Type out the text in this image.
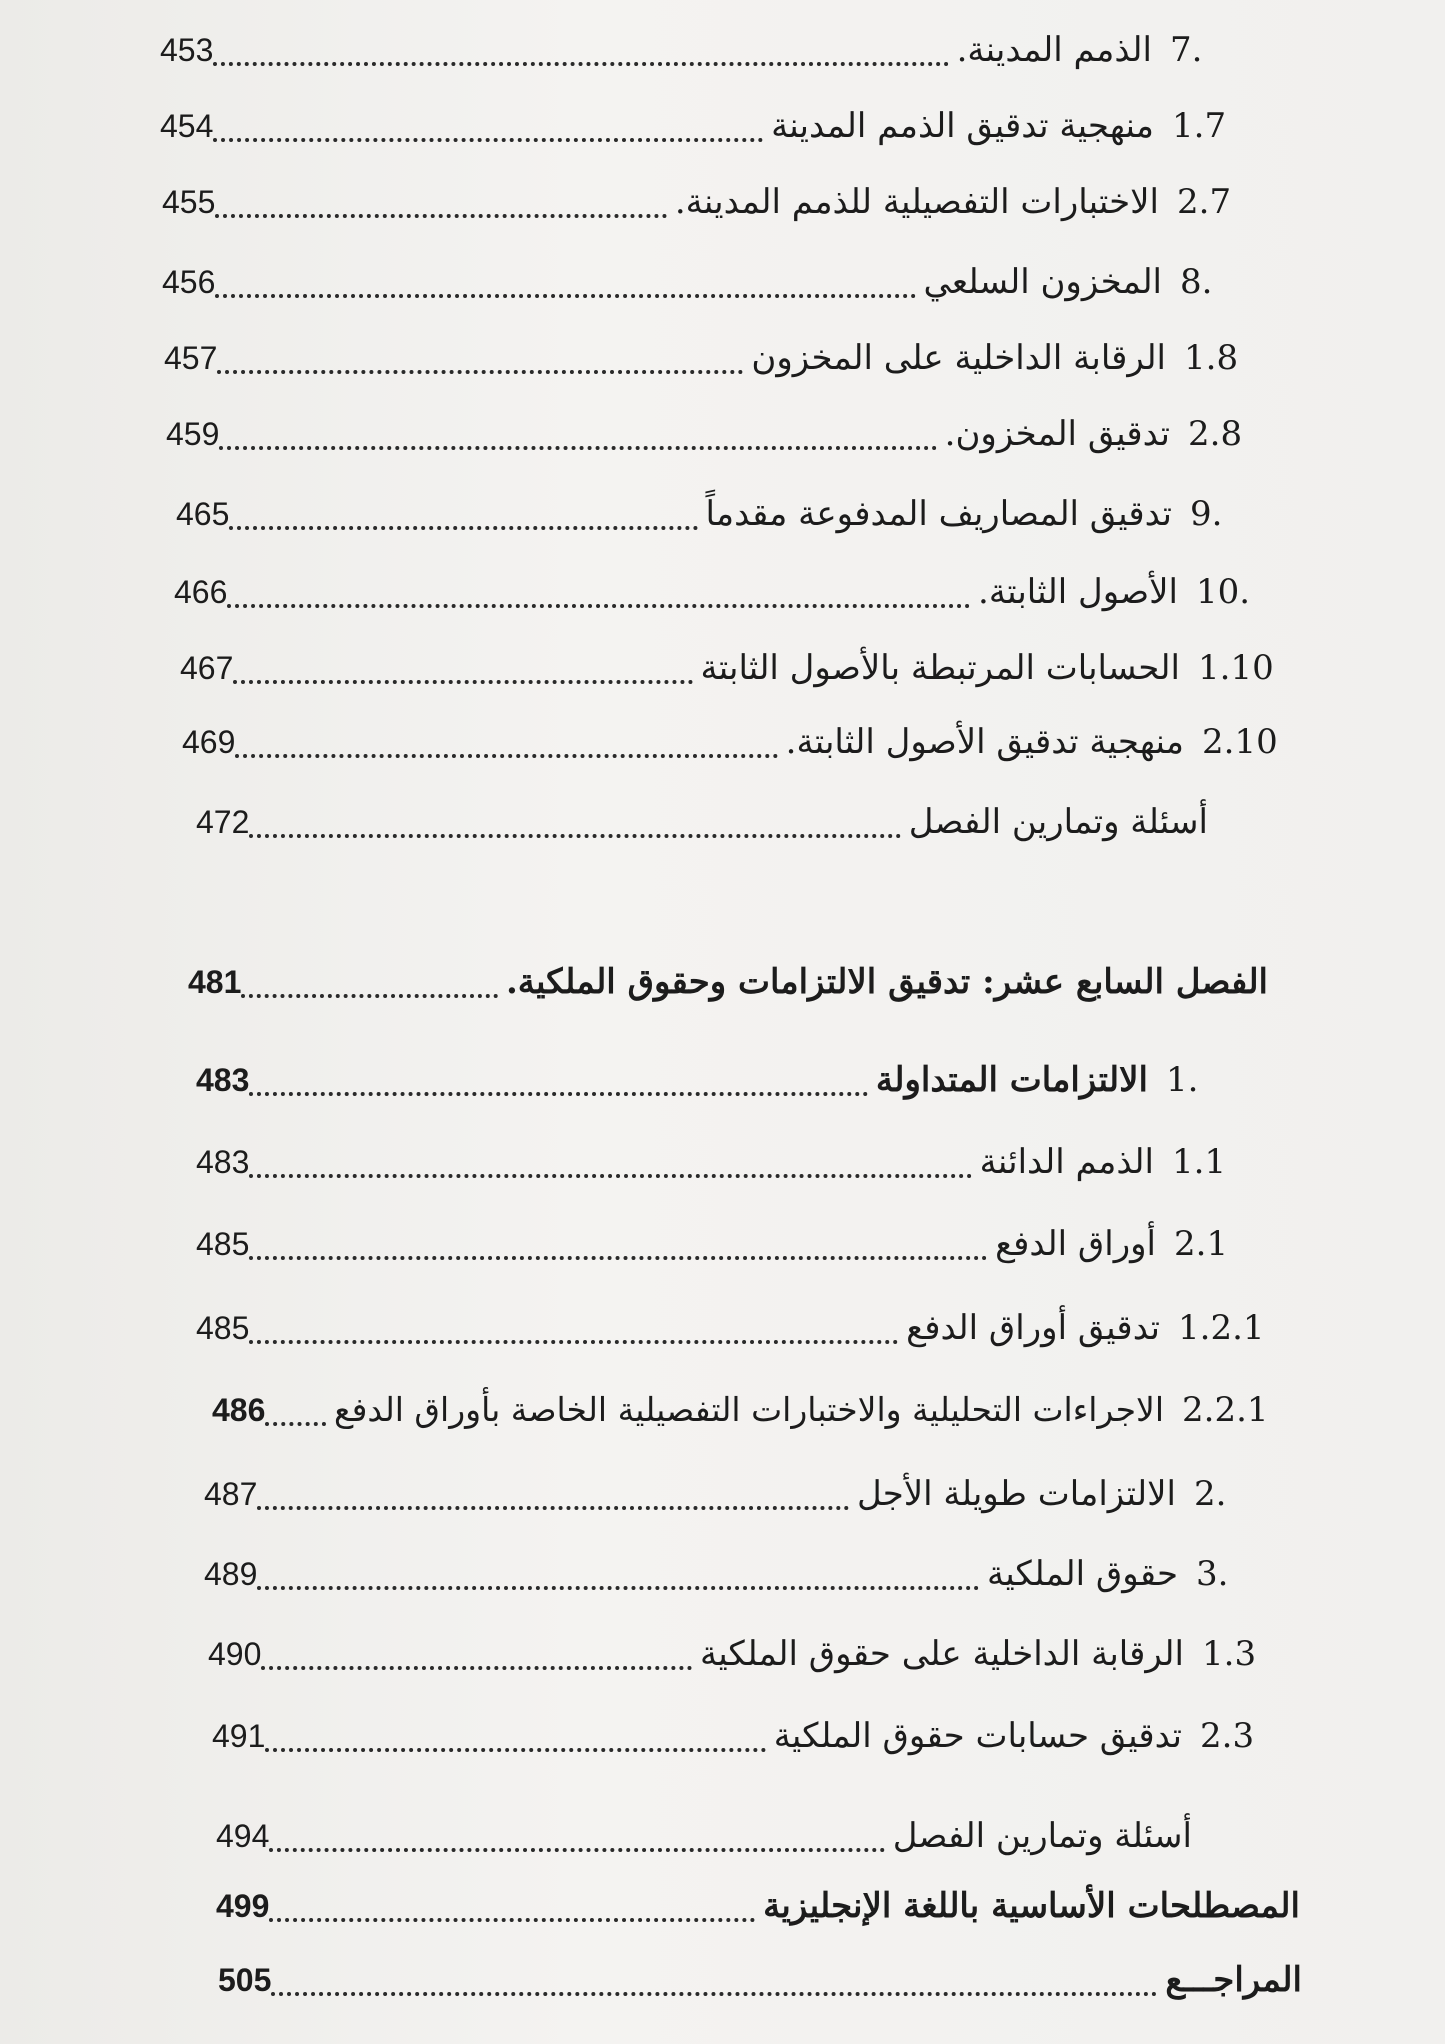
7.
الذمم المدينة.
453
1.7
منهجية تدقيق الذمم المدينة
454
2.7
الاختبارات التفصيلية للذمم المدينة.
455
8.
المخزون السلعي
456
1.8
الرقابة الداخلية على المخزون
457
2.8
تدقيق المخزون.
459
9.
تدقيق المصاريف المدفوعة مقدماً
465
10.
الأصول الثابتة.
466
1.10
الحسابات المرتبطة بالأصول الثابتة
467
2.10
منهجية تدقيق الأصول الثابتة.
469
أسئلة وتمارين الفصل
472
الفصل السابع عشر: تدقيق الالتزامات وحقوق الملكية.
481
1.
الالتزامات المتداولة
483
1.1
الذمم الدائنة
483
2.1
أوراق الدفع
485
1.2.1
تدقيق أوراق الدفع
485
2.2.1
الاجراءات التحليلية والاختبارات التفصيلية الخاصة بأوراق الدفع
486
2.
الالتزامات طويلة الأجل
487
3.
حقوق الملكية
489
1.3
الرقابة الداخلية على حقوق الملكية
490
2.3
تدقيق حسابات حقوق الملكية
491
أسئلة وتمارين الفصل
494
المصطلحات الأساسية باللغة الإنجليزية
499
المراجـــع
505
